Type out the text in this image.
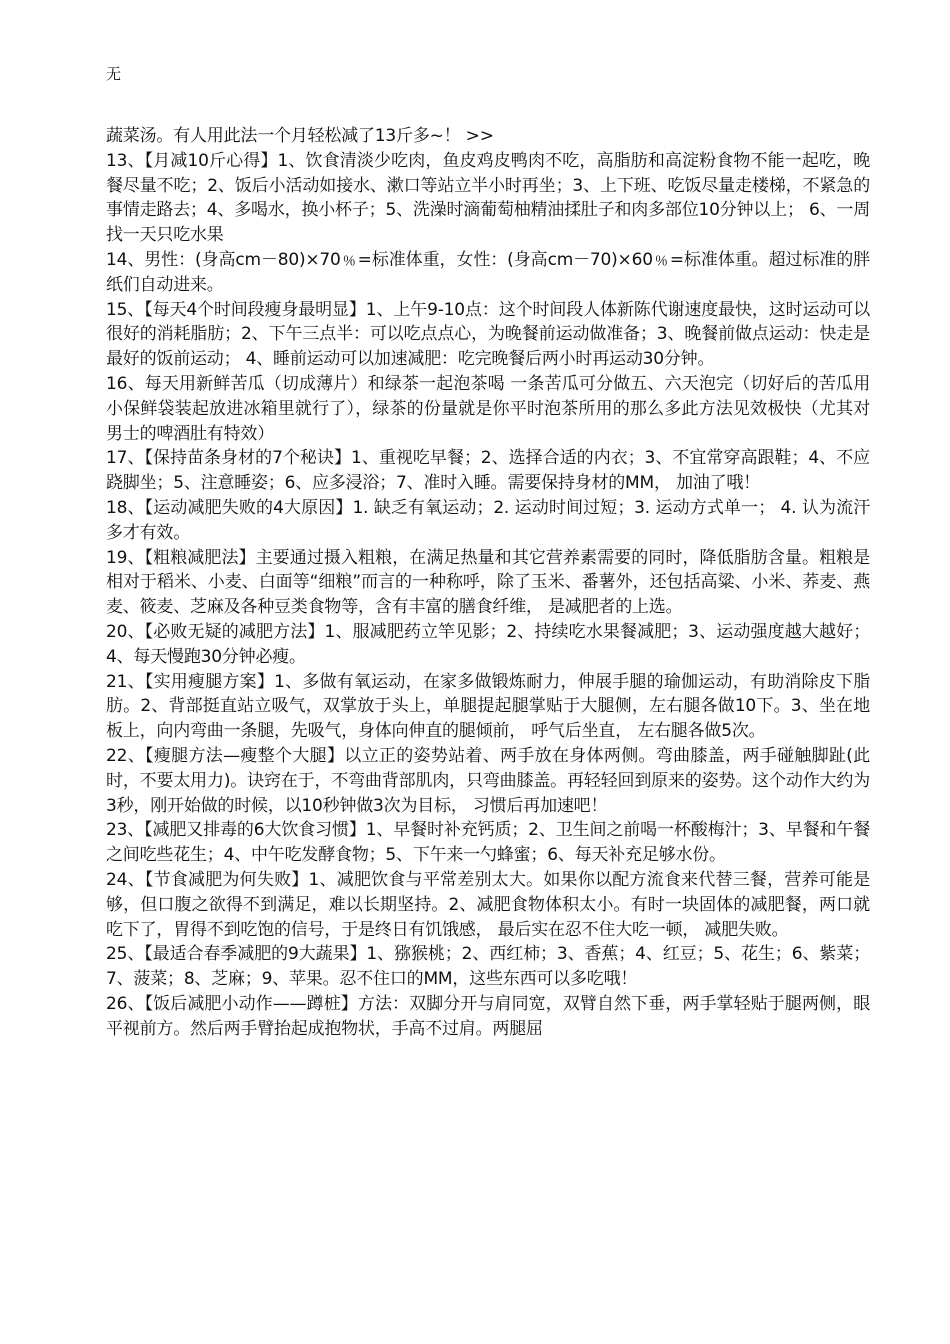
无

蔬菜汤。有人用此法一个月轻松减了13斤多~！ >>

13、【月减10斤心得】1、饮食清淡少吃肉，鱼皮鸡皮鸭肉不吃，高脂肪和高淀粉食物不能一起吃，晚餐尽量不吃；2、饭后小活动如接水、漱口等站立半小时再坐；3、上下班、吃饭尽量走楼梯，不紧急的事情走路去；4、多喝水，换小杯子；5、洗澡时滴葡萄柚精油揉肚子和肉多部位10分钟以上； 6、一周找一天只吃水果

14、男性：(身高cm－80)×70﹪=标准体重，女性：(身高cm－70)×60﹪=标准体重。超过标准的胖纸们自动进来。

15、【每天4个时间段瘦身最明显】1、上午9-10点：这个时间段人体新陈代谢速度最快，这时运动可以很好的消耗脂肪；2、下午三点半：可以吃点点心，为晚餐前运动做准备；3、晚餐前做点运动：快走是最好的饭前运动； 4、睡前运动可以加速减肥：吃完晚餐后两小时再运动30分钟。

16、每天用新鲜苦瓜（切成薄片）和绿茶一起泡茶喝 一条苦瓜可分做五、六天泡完（切好后的苦瓜用小保鲜袋装起放进冰箱里就行了），绿茶的份量就是你平时泡茶所用的那么多此方法见效极快（尤其对男士的啤酒肚有特效）

17、【保持苗条身材的7个秘诀】1、重视吃早餐；2、选择合适的内衣；3、不宜常穿高跟鞋；4、不应跷脚坐；5、注意睡姿；6、应多浸浴；7、准时入睡。需要保持身材的MM， 加油了哦！

18、【运动减肥失败的4大原因】1. 缺乏有氧运动；2. 运动时间过短；3. 运动方式单一； 4. 认为流汗多才有效。

19、【粗粮减肥法】主要通过摄入粗粮，在满足热量和其它营养素需要的同时，降低脂肪含量。粗粮是相对于稻米、小麦、白面等“细粮”而言的一种称呼，除了玉米、番薯外，还包括高粱、小米、荞麦、燕麦、筱麦、芝麻及各种豆类食物等，含有丰富的膳食纤维， 是减肥者的上选。

20、【必败无疑的减肥方法】1、服减肥药立竿见影；2、持续吃水果餐减肥；3、运动强度越大越好； 4、每天慢跑30分钟必瘦。

21、【实用瘦腿方案】1、多做有氧运动，在家多做锻炼耐力，伸展手腿的瑜伽运动，有助消除皮下脂肪。2、背部挺直站立吸气，双掌放于头上，单腿提起腿掌贴于大腿侧，左右腿各做10下。3、坐在地板上，向内弯曲一条腿，先吸气，身体向伸直的腿倾前， 呼气后坐直， 左右腿各做5次。

22、【瘦腿方法—瘦整个大腿】以立正的姿势站着、两手放在身体两侧。弯曲膝盖，两手碰触脚趾(此时，不要太用力)。诀窍在于，不弯曲背部肌肉，只弯曲膝盖。再轻轻回到原来的姿势。这个动作大约为3秒，刚开始做的时候，以10秒钟做3次为目标， 习惯后再加速吧！

23、【减肥又排毒的6大饮食习惯】1、早餐时补充钙质；2、卫生间之前喝一杯酸梅汁；3、早餐和午餐之间吃些花生；4、中午吃发酵食物；5、下午来一勺蜂蜜；6、每天补充足够水份。

24、【节食减肥为何失败】1、减肥饮食与平常差别太大。如果你以配方流食来代替三餐，营养可能是够，但口腹之欲得不到满足，难以长期坚持。2、减肥食物体积太小。有时一块固体的减肥餐，两口就吃下了，胃得不到吃饱的信号，于是终日有饥饿感， 最后实在忍不住大吃一顿， 减肥失败。

25、【最适合春季减肥的9大蔬果】1、猕猴桃；2、西红柿；3、香蕉；4、红豆；5、花生；6、紫菜；7、菠菜；8、芝麻；9、苹果。忍不住口的MM，这些东西可以多吃哦！

26、【饭后减肥小动作——蹲桩】方法：双脚分开与肩同宽，双臂自然下垂，两手掌轻贴于腿两侧，眼平视前方。然后两手臂抬起成抱物状，手高不过肩。两腿屈
